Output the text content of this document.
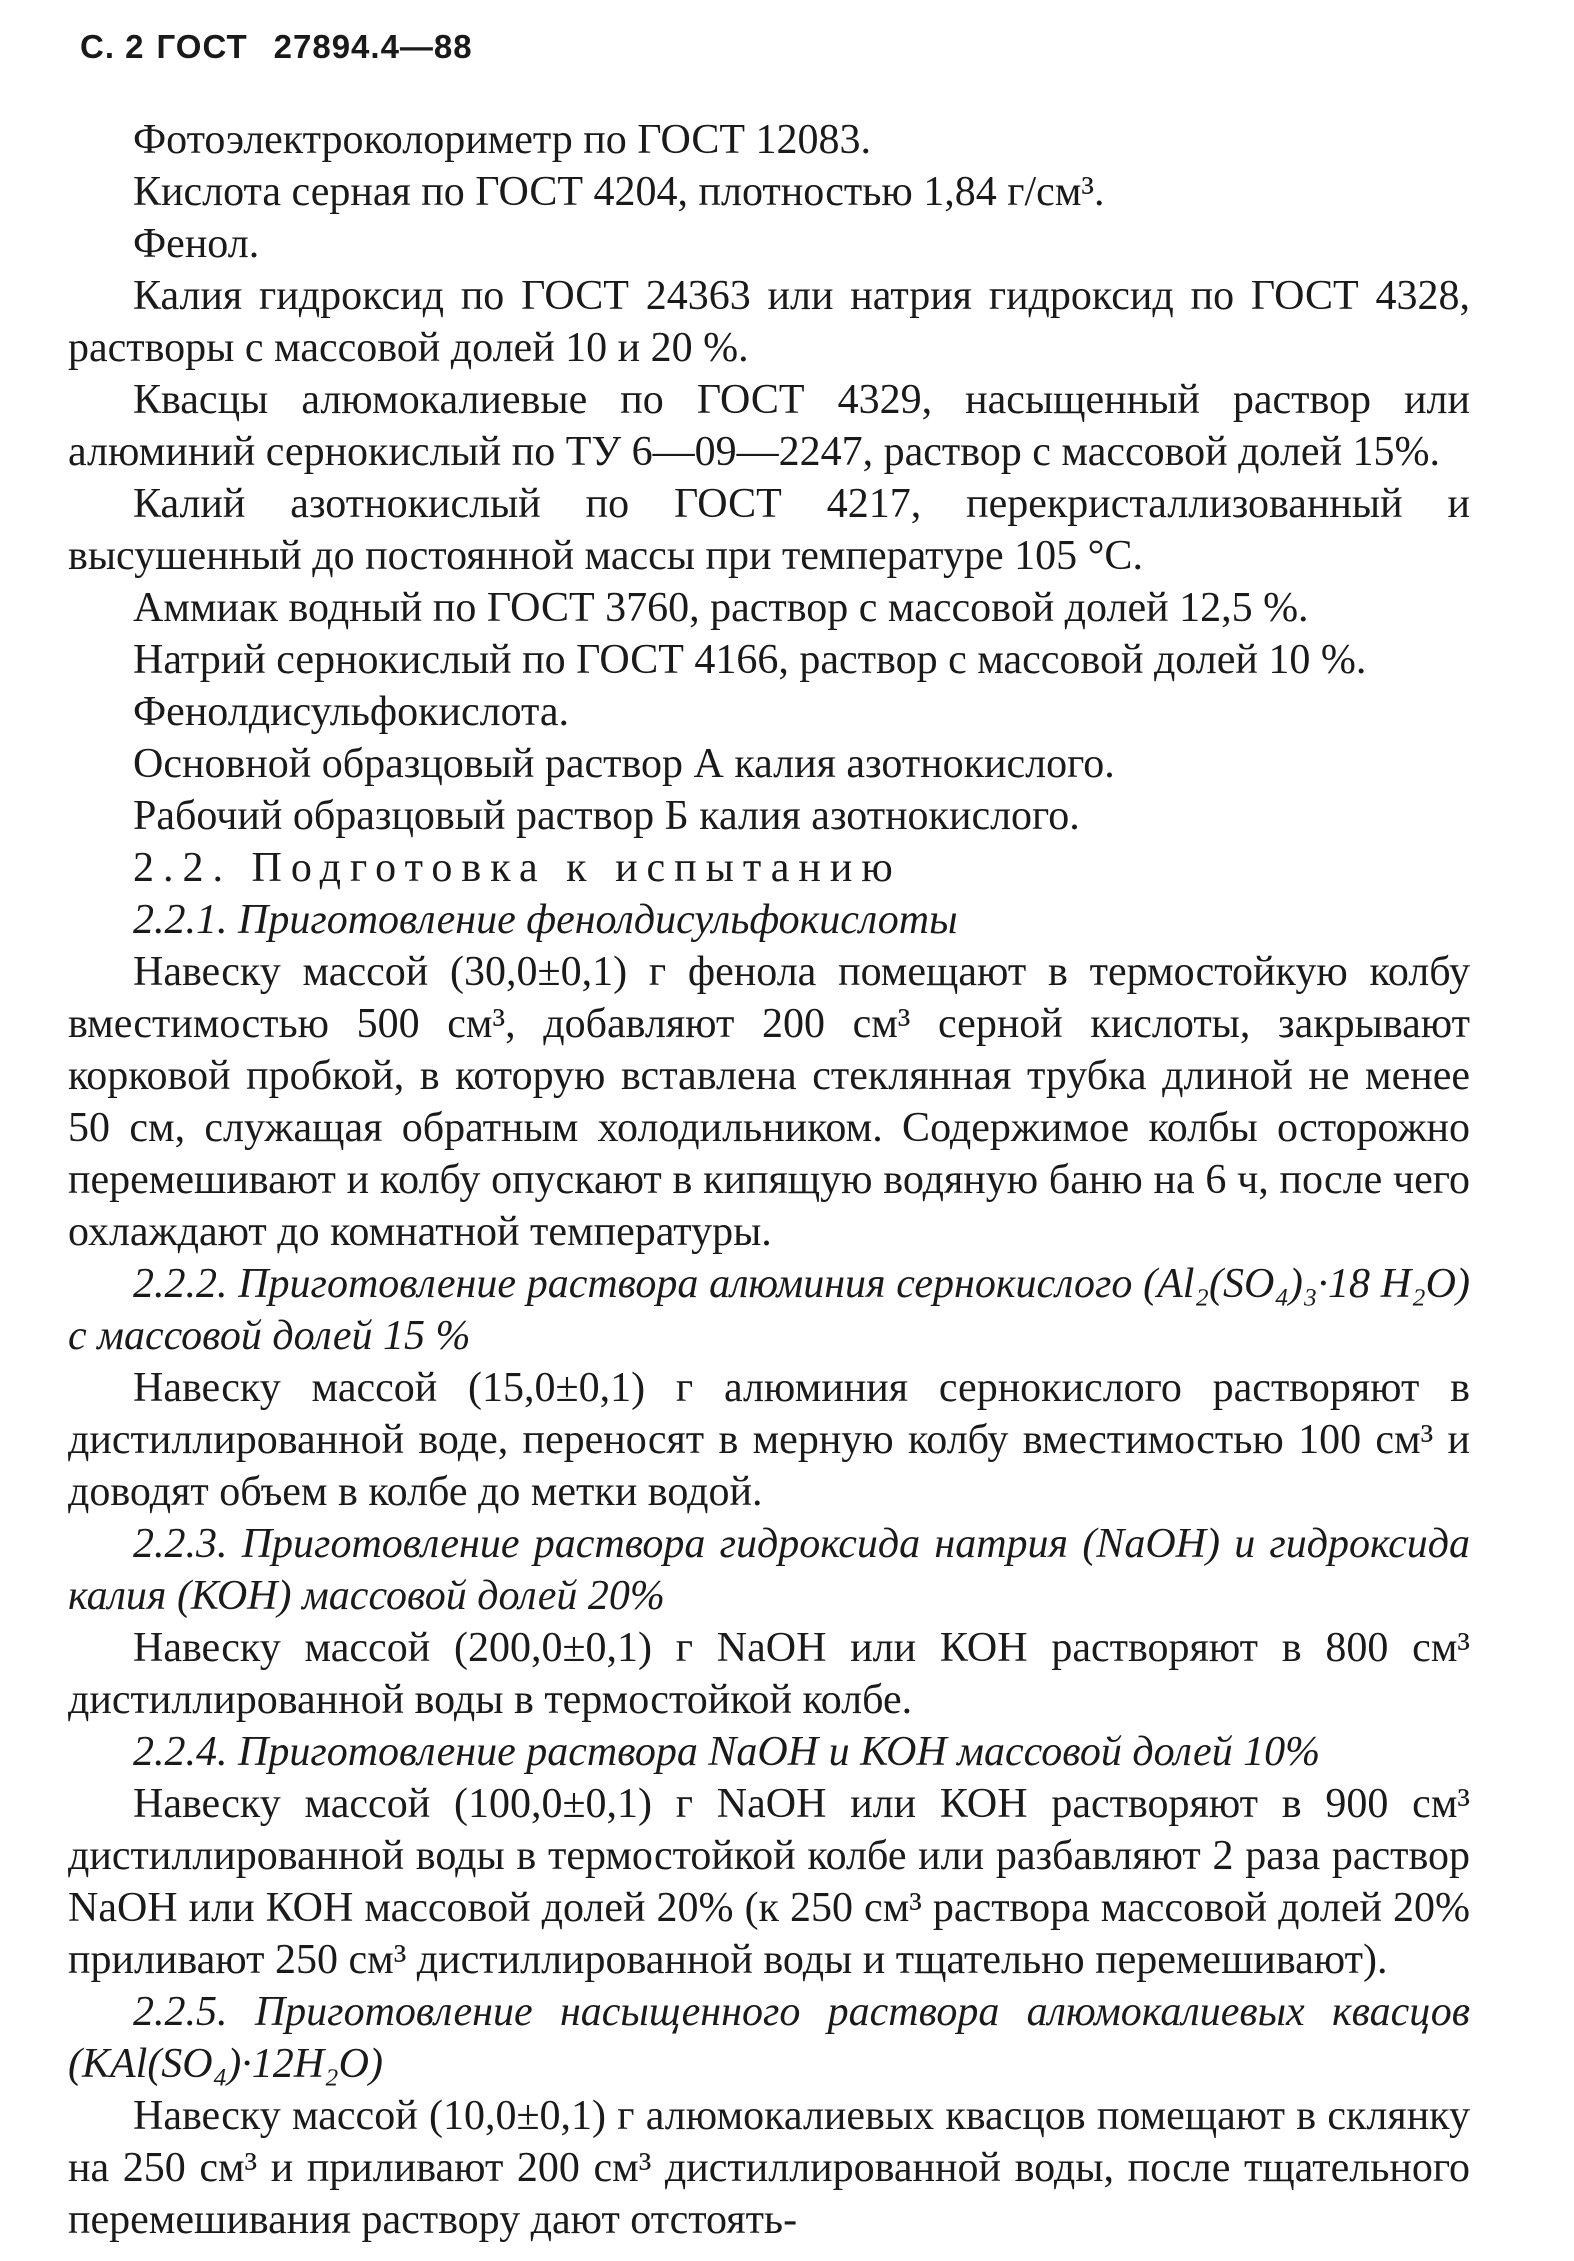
С. 2 ГОСТ 27894.4—88

Фотоэлектроколориметр по ГОСТ 12083.

Кислота серная по ГОСТ 4204, плотностью 1,84 г/см³.

Фенол.

Калия гидроксид по ГОСТ 24363 или натрия гидроксид по ГОСТ 4328, растворы с массовой долей 10 и 20 %.

Квасцы алюмокалиевые по ГОСТ 4329, насыщенный раствор или алюминий сернокислый по ТУ 6—09—2247, раствор с массовой долей 15%.

Калий азотнокислый по ГОСТ 4217, перекристаллизованный и высушенный до постоянной массы при температуре 105 °С.

Аммиак водный по ГОСТ 3760, раствор с массовой долей 12,5 %.

Натрий сернокислый по ГОСТ 4166, раствор с массовой долей 10 %.

Фенолдисульфокислота.

Основной образцовый раствор А калия азотнокислого.

Рабочий образцовый раствор Б калия азотнокислого.

2.2. Подготовка к испытанию

2.2.1. Приготовление фенолдисульфокислоты

Навеску массой (30,0±0,1) г фенола помещают в термостойкую колбу вместимостью 500 см³, добавляют 200 см³ серной кислоты, закрывают корковой пробкой, в которую вставлена стеклянная трубка длиной не менее 50 см, служащая обратным холодильником. Содержимое колбы осторожно перемешивают и колбу опускают в кипящую водяную баню на 6 ч, после чего охлаждают до комнатной температуры.

2.2.2. Приготовление раствора алюминия сернокислого (Al₂(SO₄)₃·18 H₂O) с массовой долей 15 %

Навеску массой (15,0±0,1) г алюминия сернокислого растворяют в дистиллированной воде, переносят в мерную колбу вместимостью 100 см³ и доводят объем в колбе до метки водой.

2.2.3. Приготовление раствора гидроксида натрия (NaOH) и гидроксида калия (КОН) массовой долей 20%

Навеску массой (200,0±0,1) г NaOH или КОН растворяют в 800 см³ дистиллированной воды в термостойкой колбе.

2.2.4. Приготовление раствора NaOH и КОН массовой долей 10%

Навеску массой (100,0±0,1) г NaOH или КОН растворяют в 900 см³ дистиллированной воды в термостойкой колбе или разбавляют 2 раза раствор NaOH или КОН массовой долей 20% (к 250 см³ раствора массовой долей 20% приливают 250 см³ дистиллированной воды и тщательно перемешивают).

2.2.5. Приготовление насыщенного раствора алюмокалиевых квасцов (KAl(SO₄)·12H₂O)

Навеску массой (10,0±0,1) г алюмокалиевых квасцов помещают в склянку на 250 см³ и приливают 200 см³ дистиллированной воды, после тщательного перемешивания раствору дают отстоять-
